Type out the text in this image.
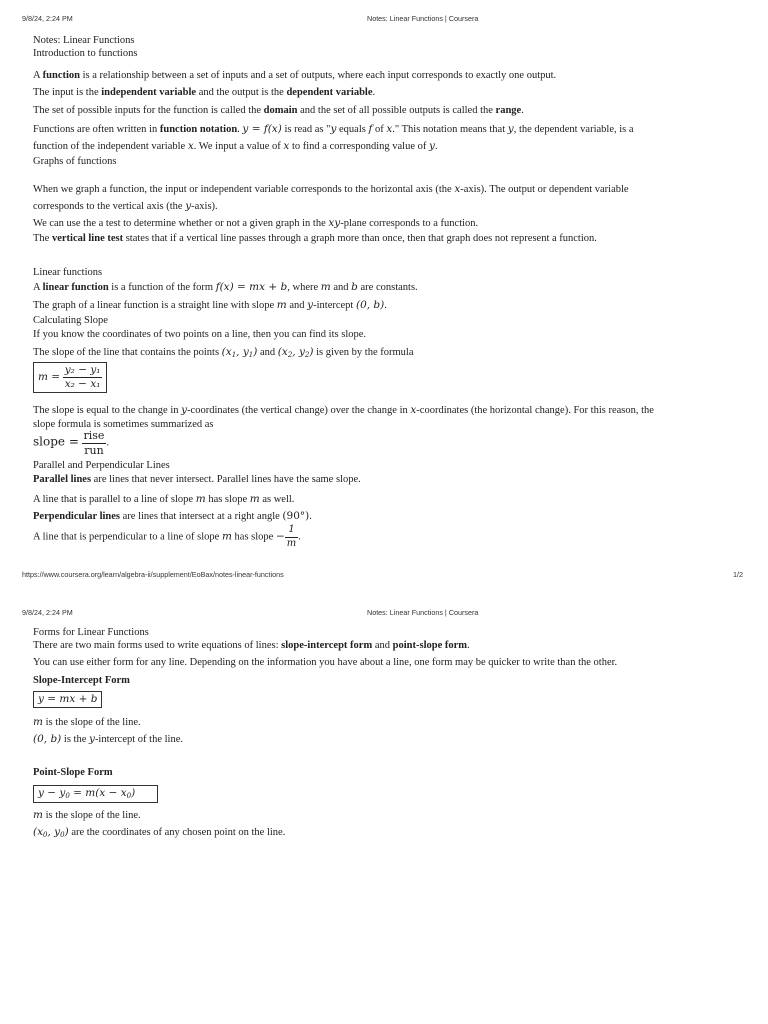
9/8/24, 2:24 PM	Notes: Linear Functions | Coursera
Notes: Linear Functions
Introduction to functions
A function is a relationship between a set of inputs and a set of outputs, where each input corresponds to exactly one output.
The input is the independent variable and the output is the dependent variable.
The set of possible inputs for the function is called the domain and the set of all possible outputs is called the range.
Functions are often written in function notation. y = f(x) is read as "y equals f of x." This notation means that y, the dependent variable, is a
function of the independent variable x. We input a value of x to find a corresponding value of y.
Graphs of functions
When we graph a function, the input or independent variable corresponds to the horizontal axis (the x-axis). The output or dependent variable
corresponds to the vertical axis (the y-axis).
We can use the a test to determine whether or not a given graph in the xy-plane corresponds to a function.
The vertical line test states that if a vertical line passes through a graph more than once, then that graph does not represent a function.
Linear functions
A linear function is a function of the form f(x) = mx + b, where m and b are constants.
The graph of a linear function is a straight line with slope m and y-intercept (0, b).
Calculating Slope
If you know the coordinates of two points on a line, then you can find its slope.
The slope of the line that contains the points ($x_1$, $y_1$) and ($x_2$, $y_2$) is given by the formula
$m = \frac{\text{y₂ − y₁}}{\text{x₂ − x₁}}$
The slope is equal to the change in y-coordinates (the vertical change) over the change in x-coordinates (the horizontal change). For this reason, the
slope formula is sometimes summarized as
slope = $\frac{\text{rise}}{\text{run}}$ .
Parallel and Perpendicular Lines
Parallel lines are lines that never intersect. Parallel lines have the same slope.
A line that is parallel to a line of slope m has slope m as well.
Perpendicular lines are lines that intersect at a right angle (90°).
A line that is perpendicular to a line of slope m has slope − $\frac{1}{m}$ .
https://www.coursera.org/learn/algebra-ii/supplement/EoBax/notes-linear-functions	1/2
9/8/24, 2:24 PM	Notes: Linear Functions | Coursera
Forms for Linear Functions
There are two main forms used to write equations of lines: slope-intercept form and point-slope form.
You can use either form for any line. Depending on the information you have about a line, one form may be quicker to write than the other.
Slope-Intercept Form
y = mx + b
m is the slope of the line.
(0, b) is the y-intercept of the line.
Point-Slope Form
$y - y_0 = m(x - x_0)$
m is the slope of the line.
($x_0$, $y_0$) are the coordinates of any chosen point on the line.
